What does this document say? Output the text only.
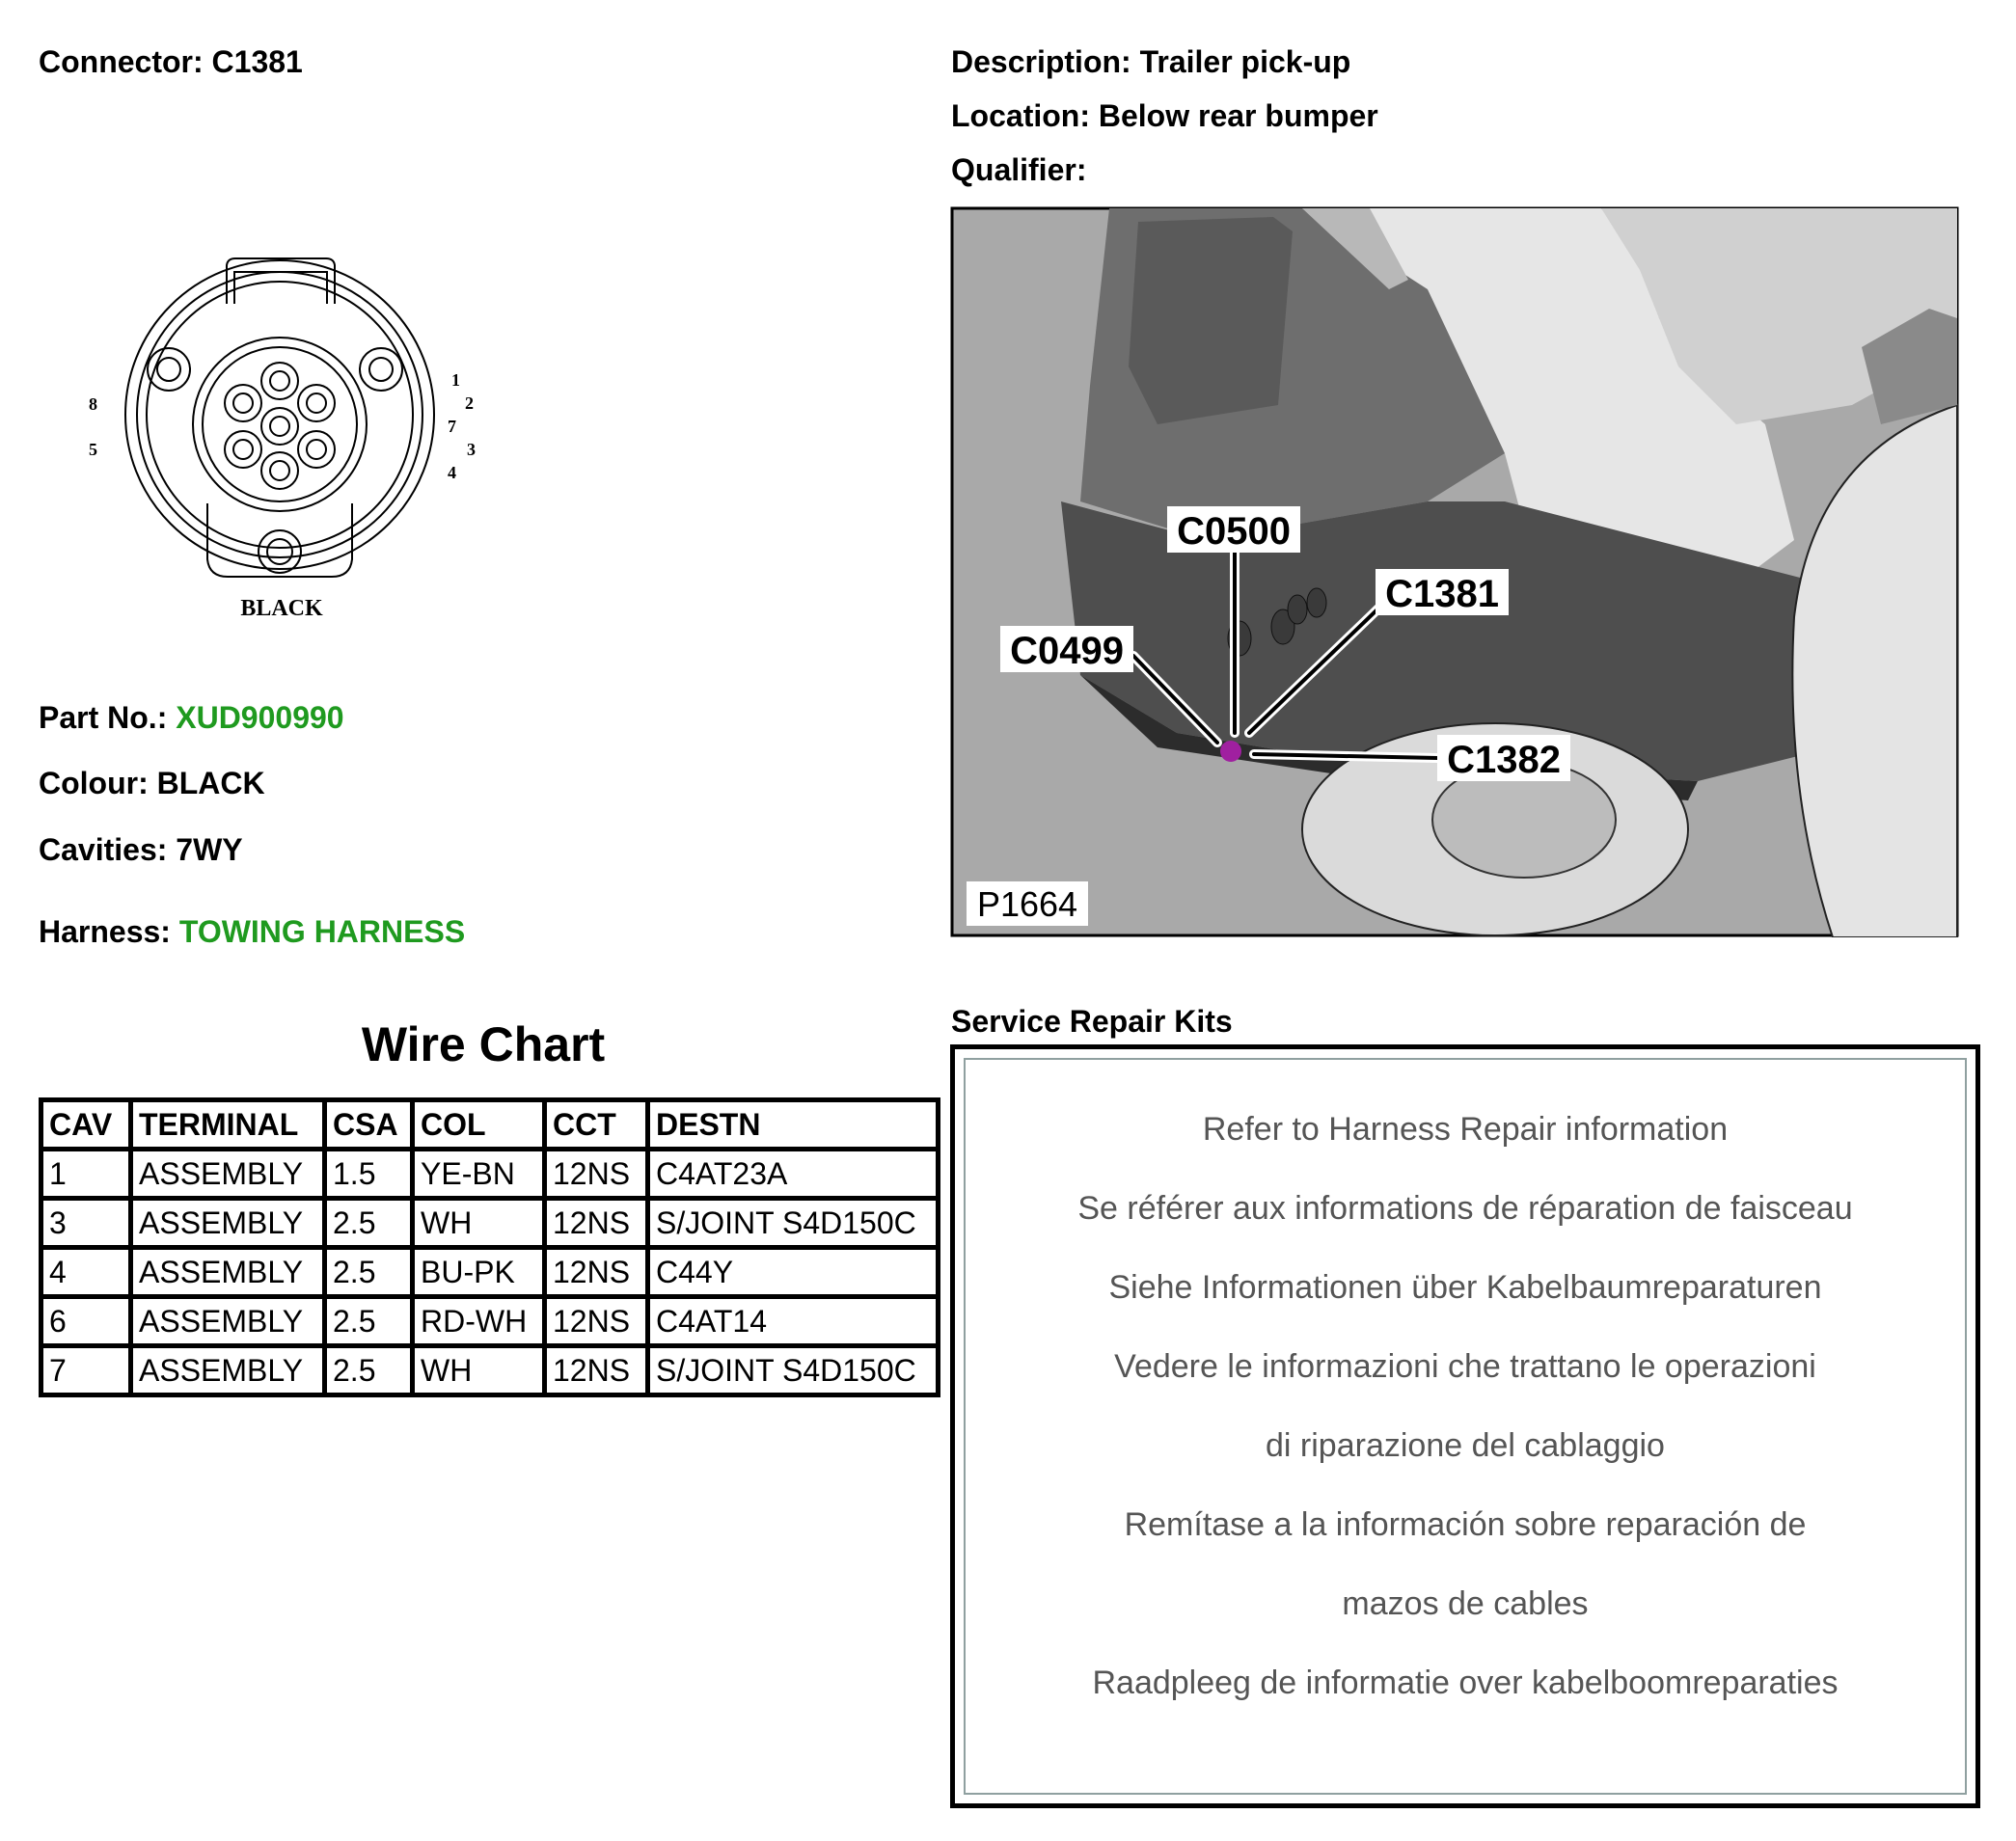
Connector: C1381	Description: Trailer pick-up
Location: Below rear bumper
Qualifier:
8
5
1
2
7
3
4
BLACK
Part No.: XUD900990
Colour: BLACK
Cavities: 7WY
Harness: TOWING HARNESS
C0500
C1381
C0499
C1382
P1664
Wire Chart
CAV	TERMINAL	CSA	COL	CCT	DESTN
1	ASSEMBLY	1.5	YE-BN	12NS	C4AT23A
3	ASSEMBLY	2.5	WH	12NS	S/JOINT S4D150C
4	ASSEMBLY	2.5	BU-PK	12NS	C44Y
6	ASSEMBLY	2.5	RD-WH	12NS	C4AT14
7	ASSEMBLY	2.5	WH	12NS	S/JOINT S4D150C
Service Repair Kits
Refer to Harness Repair information
Se référer aux informations de réparation de faisceau
Siehe Informationen über Kabelbaumreparaturen
Vedere le informazioni che trattano le operazioni
di riparazione del cablaggio
Remítase a la información sobre reparación de
mazos de cables
Raadpleeg de informatie over kabelboomreparaties
